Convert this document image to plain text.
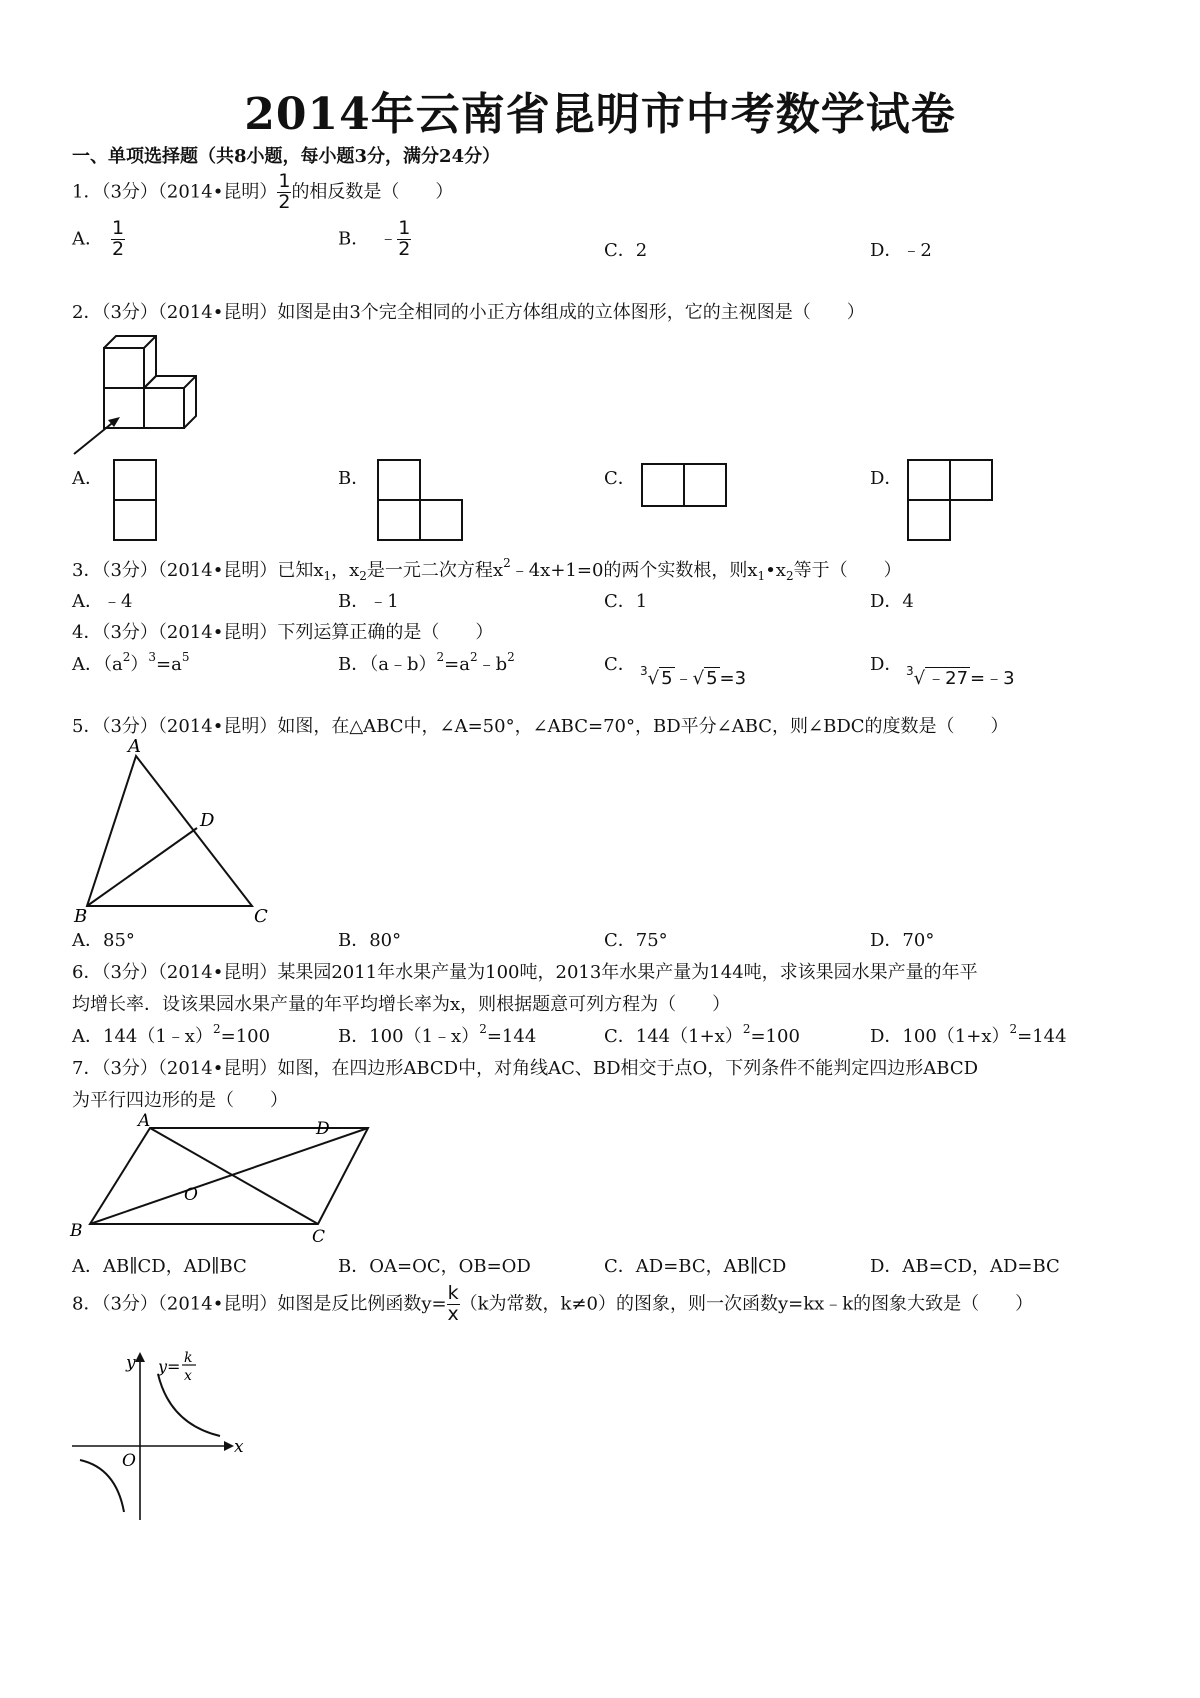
2014年云南省昆明市中考数学试卷
一、单项选择题（共8小题，每小题3分，满分24分）
1．（3分）（2014•昆明） $\frac{1}{2}$ 的相反数是（　　）
A． $\frac{1}{2}$	B． ﹣ $\frac{1}{2}$	C．2	D．﹣2
2．（3分）（2014•昆明）如图是由3个完全相同的小正方体组成的立体图形，它的主视图是（　　）
A．	B．	C．	D．
3．（3分）（2014•昆明）已知$x_1$，$x_2$是一元二次方程$x^2﹣4x+1=0$的两个实数根，则$x_1•x_2$等于（　　）
A．﹣4	B．﹣1	C．1	D．4
4．（3分）（2014•昆明）下列运算正确的是（　　）
A．$(a^2)^3=a^5$	B．$(a﹣b)^2=a^2﹣b^2$	C． $^3$√ 5 ﹣√ 5 =3
D． $^3$√ ﹣27 =﹣3
5．（3分）（2014•昆明）如图，在△ABC中，∠A=50°，∠ABC=70°，BD平分∠ABC，则∠BDC的度数是（　　）
A
B	C
D
A．85°	B．80°	C．75°	D．70°
6．（3分）（2014•昆明）某果园2011年水果产量为100吨，2013年水果产量为144吨，求该果园水果产量的年平
均增长率．设该果园水果产量的年平均增长率为x，则根据题意可列方程为（　　）
A．144（1﹣x）$^2$=100	B．100（1﹣x）$^2$=144	C．$144(1+x)^2=100$	D．$100(1+x)^2=144$
7．（3分）（2014•昆明）如图，在四边形ABCD中，对角线AC、BD相交于点O，下列条件不能判定四边形ABCD
为平行四边形的是（　　）
A
B	C
D
O
A．AB∥CD，AD∥BC	B．OA=OC，OB=OD	C．AD=BC，AB∥CD	D．AB=CD，AD=BC
8．（3分）（2014•昆明）如图是反比例函数$y= \frac{k}{x} (k$为常数，k≠0）的图象，则一次函数y=kx﹣k的图象大致是（　　）
x
y
O
y= k
x
